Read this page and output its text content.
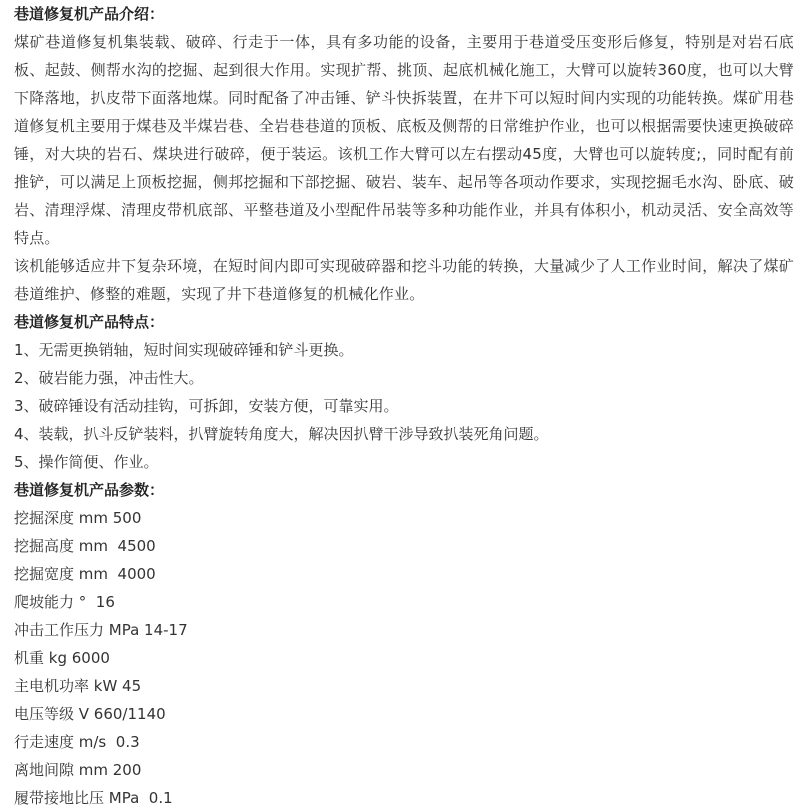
巷道修复机产品介绍：

煤矿巷道修复机集装载、破碎、行走于一体，具有多功能的设备，主要用于巷道受压变形后修复，特别是对岩石底板、起鼓、侧帮水沟的挖掘、起到很大作用。实现扩帮、挑顶、起底机械化施工，大臂可以旋转360度，也可以大臂下降落地，扒皮带下面落地煤。同时配备了冲击锤、铲斗快拆装置，在井下可以短时间内实现的功能转换。煤矿用巷道修复机主要用于煤巷及半煤岩巷、全岩巷巷道的顶板、底板及侧帮的日常维护作业，也可以根据需要快速更换破碎锤，对大块的岩石、煤块进行破碎，便于装运。该机工作大臂可以左右摆动45度，大臂也可以旋转度;，同时配有前推铲，可以满足上顶板挖掘，侧邦挖掘和下部挖掘、破岩、装车、起吊等各项动作要求，实现挖掘毛水沟、卧底、破岩、清理浮煤、清理皮带机底部、平整巷道及小型配件吊装等多种功能作业，并具有体积小，机动灵活、安全高效等特点。

该机能够适应井下复杂环境，在短时间内即可实现破碎器和挖斗功能的转换，大量减少了人工作业时间，解决了煤矿巷道维护、修整的难题，实现了井下巷道修复的机械化作业。

巷道修复机产品特点：
1、无需更换销轴，短时间实现破碎锤和铲斗更换。
2、破岩能力强，冲击性大。
3、破碎锤设有活动挂钩，可拆卸，安装方便，可靠实用。
4、装载，扒斗反铲装料，扒臂旋转角度大，解决因扒臂干涉导致扒装死角问题。
5、操作简便、作业。
巷道修复机产品参数：
挖掘深度 mm 500
挖掘高度 mm  4500
挖掘宽度 mm  4000
爬坡能力 °  16
冲击工作压力 MPa 14-17
机重 kg 6000
主电机功率 kW 45
电压等级 V 660/1140
行走速度 m/s  0.3
离地间隙 mm 200
履带接地比压 MPa  0.1
